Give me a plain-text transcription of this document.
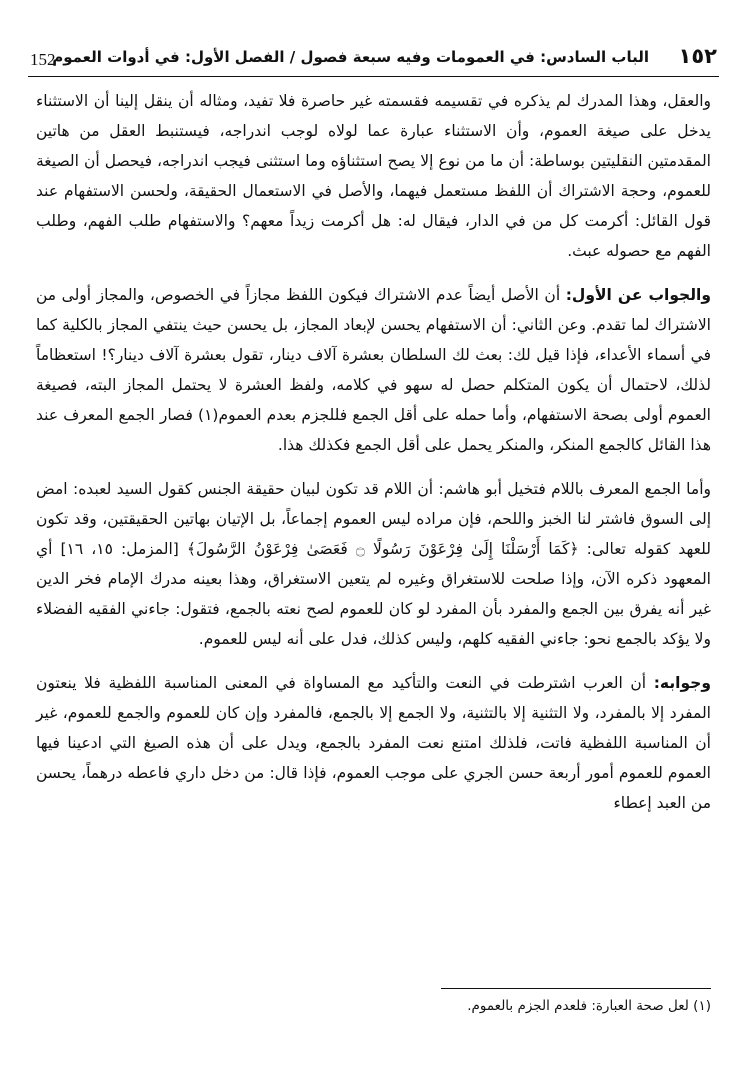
152
الباب السادس: في العمومات وفيه سبعة فصول / الفصل الأول: في أدوات العموم ١٥٢

والعقل، وهذا المدرك لم يذكره في تقسيمه فقسمته غير حاصرة فلا تفيد، ومثاله أن ينقل إلينا أن الاستثناء يدخل على صيغة العموم، وأن الاستثناء عبارة عما لولاه لوجب اندراجه، فيستنبط العقل من هاتين المقدمتين النقليتين بوساطة: أن ما من نوع إلا يصح استثناؤه وما استثنى فيجب اندراجه، فيحصل أن الصيغة للعموم، وحجة الاشتراك أن اللفظ مستعمل فيهما، والأصل في الاستعمال الحقيقة، ولحسن الاستفهام عند قول القائل: أكرمت كل من في الدار، فيقال له: هل أكرمت زيداً معهم؟ والاستفهام طلب الفهم، وطلب الفهم مع حصوله عبث.

والجواب عن الأول: أن الأصل أيضاً عدم الاشتراك فيكون اللفظ مجازاً في الخصوص، والمجاز أولى من الاشتراك لما تقدم. وعن الثاني: أن الاستفهام يحسن لإبعاد المجاز، بل يحسن حيث ينتفي المجاز بالكلية كما في أسماء الأعداء، فإذا قيل لك: بعث لك السلطان بعشرة آلاف دينار، تقول بعشرة آلاف دينار؟! استعظاماً لذلك، لاحتمال أن يكون المتكلم حصل له سهو في كلامه، ولفظ العشرة لا يحتمل المجاز البته، فصيغة العموم أولى بصحة الاستفهام، وأما حمله على أقل الجمع فللجزم بعدم العموم(١) فصار الجمع المعرف عند هذا القائل كالجمع المنكر، والمنكر يحمل على أقل الجمع فكذلك هذا.

وأما الجمع المعرف باللام فتخيل أبو هاشم: أن اللام قد تكون لبيان حقيقة الجنس كقول السيد لعبده: امض إلى السوق فاشتر لنا الخبز واللحم، فإن مراده ليس العموم إجماعاً، بل الإتيان بهاتين الحقيقتين، وقد تكون للعهد كقوله تعالى: ﴿كَمَا أَرْسَلْنَا إِلَىٰ فِرْعَوْنَ رَسُولًا ۝ فَعَصَىٰ فِرْعَوْنُ الرَّسُولَ﴾ [المزمل: ١٥، ١٦] أي المعهود ذكره الآن، وإذا صلحت للاستغراق وغيره لم يتعين الاستغراق، وهذا بعينه مدرك الإمام فخر الدين غير أنه يفرق بين الجمع والمفرد بأن المفرد لو كان للعموم لصح نعته بالجمع، فتقول: جاءني الفقيه الفضلاء ولا يؤكد بالجمع نحو: جاءني الفقيه كلهم، وليس كذلك، فدل على أنه ليس للعموم.

وجوابه: أن العرب اشترطت في النعت والتأكيد مع المساواة في المعنى المناسبة اللفظية فلا ينعتون المفرد إلا بالمفرد، ولا التثنية إلا بالتثنية، ولا الجمع إلا بالجمع، فالمفرد وإن كان للعموم والجمع للعموم، غير أن المناسبة اللفظية فاتت، فلذلك امتنع نعت المفرد بالجمع، ويدل على أن هذه الصيغ التي ادعينا فيها العموم للعموم أمور أربعة حسن الجري على موجب العموم، فإذا قال: من دخل داري فاعطه درهماً، يحسن من العبد إعطاء

(١) لعل صحة العبارة: فلعدم الجزم بالعموم.
